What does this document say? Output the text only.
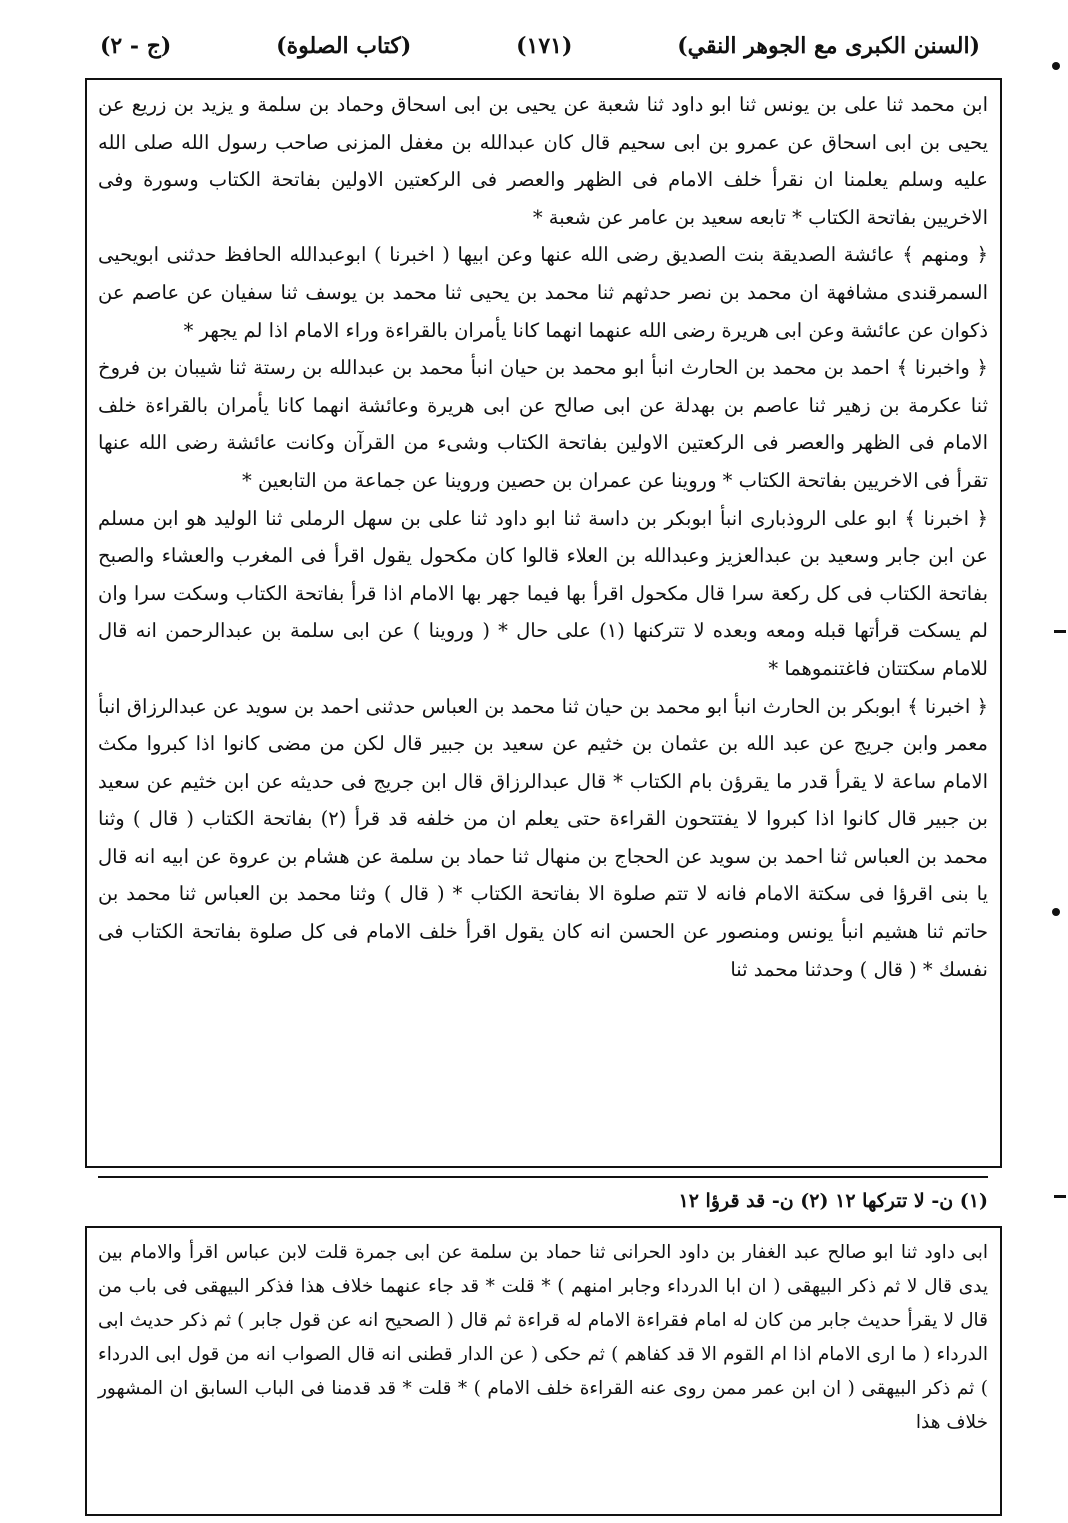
(السنن الكبرى مع الجوهر النقي)
(١٧١)
(كتاب الصلوة)
(ج - ٢)

ابن محمد ثنا على بن يونس ثنا ابو داود ثنا شعبة عن يحيى بن ابى اسحاق وحماد بن سلمة و يزيد بن زريع عن يحيى بن ابى اسحاق عن عمرو بن ابى سحيم قال كان عبدالله بن مغفل المزنى صاحب رسول الله صلى الله عليه وسلم يعلمنا ان نقرأ خلف الامام فى الظهر والعصر فى الركعتين الاولين بفاتحة الكتاب وسورة وفى الاخريين بفاتحة الكتاب * تابعه سعيد بن عامر عن شعبة *

﴿ ومنهم ﴾ عائشة الصديقة بنت الصديق رضى الله عنها وعن ابيها ( اخبرنا ) ابوعبدالله الحافظ حدثنى ابويحيى السمرقندى مشافهة ان محمد بن نصر حدثهم ثنا محمد بن يحيى ثنا محمد بن يوسف ثنا سفيان عن عاصم عن ذكوان عن عائشة وعن ابى هريرة رضى الله عنهما انهما كانا يأمران بالقراءة وراء الامام اذا لم يجهر *

﴿ واخبرنا ﴾ احمد بن محمد بن الحارث انبأ ابو محمد بن حيان انبأ محمد بن عبدالله بن رستة ثنا شيبان بن فروخ ثنا عكرمة بن زهير ثنا عاصم بن بهدلة عن ابى صالح عن ابى هريرة وعائشة انهما كانا يأمران بالقراءة خلف الامام فى الظهر والعصر فى الركعتين الاولين بفاتحة الكتاب وشىء من القرآن وكانت عائشة رضى الله عنها تقرأ فى الاخريين بفاتحة الكتاب * وروينا عن عمران بن حصين وروينا عن جماعة من التابعين *

﴿ اخبرنا ﴾ ابو على الروذبارى انبأ ابوبكر بن داسة ثنا ابو داود ثنا على بن سهل الرملى ثنا الوليد هو ابن مسلم عن ابن جابر وسعيد بن عبدالعزيز وعبدالله بن العلاء قالوا كان مكحول يقول اقرأ فى المغرب والعشاء والصبح بفاتحة الكتاب فى كل ركعة سرا قال مكحول اقرأ بها فيما جهر بها الامام اذا قرأ بفاتحة الكتاب وسكت سرا وان لم يسكت قرأتها قبله ومعه وبعده لا تتركنها (١) على حال * ( وروينا ) عن ابى سلمة بن عبدالرحمن انه قال للامام سكتتان فاغتنموهما *

﴿ اخبرنا ﴾ ابوبكر بن الحارث انبأ ابو محمد بن حيان ثنا محمد بن العباس حدثنى احمد بن سويد عن عبدالرزاق انبأ معمر وابن جريج عن عبد الله بن عثمان بن خثيم عن سعيد بن جبير قال لكن من مضى كانوا اذا كبروا مكث الامام ساعة لا يقرأ قدر ما يقرؤن بام الكتاب * قال عبدالرزاق قال ابن جريج فى حديثه عن ابن خثيم عن سعيد بن جبير قال كانوا اذا كبروا لا يفتتحون القراءة حتى يعلم ان من خلفه قد قرأ (٢) بفاتحة الكتاب ( قال ) وثنا محمد بن العباس ثنا احمد بن سويد عن الحجاج بن منهال ثنا حماد بن سلمة عن هشام بن عروة عن ابيه انه قال يا بنى اقرؤا فى سكتة الامام فانه لا تتم صلوة الا بفاتحة الكتاب * ( قال ) وثنا محمد بن العباس ثنا محمد بن حاتم ثنا هشيم انبأ يونس ومنصور عن الحسن انه كان يقول اقرأ خلف الامام فى كل صلوة بفاتحة الكتاب فى نفسك * ( قال ) وحدثنا محمد ثنا

(١) ن- لا تتركها ١٢ (٢) ن- قد قرؤا ١٢

ابى داود ثنا ابو صالح عبد الغفار بن داود الحرانى ثنا حماد بن سلمة عن ابى جمرة قلت لابن عباس اقرأ والامام بين يدى قال لا ثم ذكر البيهقى ( ان ابا الدرداء وجابر امنهم ) * قلت * قد جاء عنهما خلاف هذا فذكر البيهقى فى باب من قال لا يقرأ حديث جابر من كان له امام فقراءة الامام له قراءة ثم قال ( الصحيح انه عن قول جابر ) ثم ذكر حديث ابى الدرداء ( ما ارى الامام اذا ام القوم الا قد كفاهم ) ثم حكى ( عن الدار قطنى انه قال الصواب انه من قول ابى الدرداء ) ثم ذكر البيهقى ( ان ابن عمر ممن روى عنه القراءة خلف الامام ) * قلت * قد قدمنا فى الباب السابق ان المشهور خلاف هذا
